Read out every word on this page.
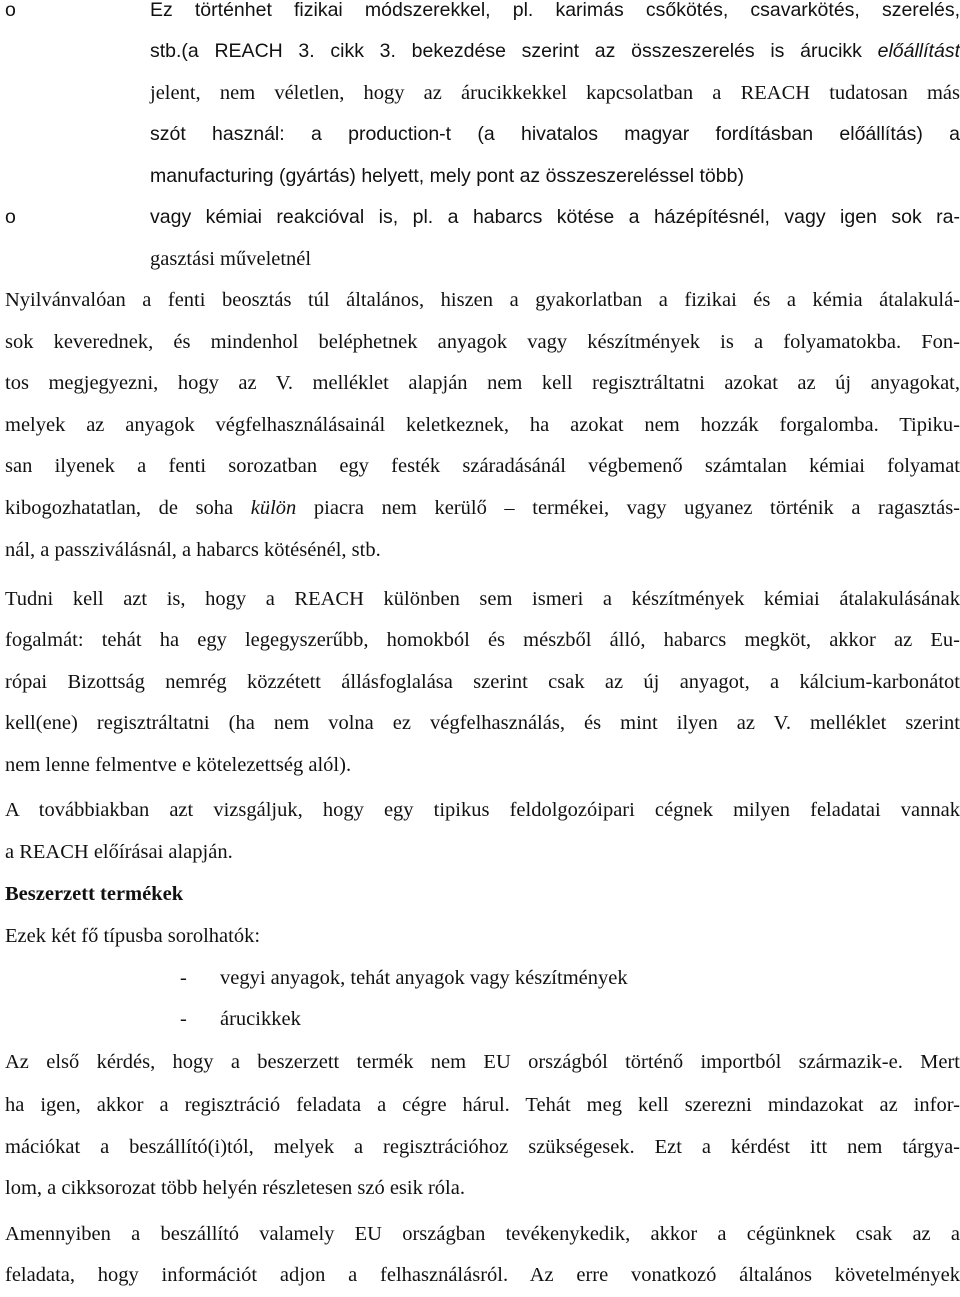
o	Ez történhet fizikai módszerekkel, pl. karimás csőkötés, csavarkötés, szerelés,
stb.(a REACH 3. cikk 3. bekezdése szerint az összeszerelés is árucikk előállítást
jelent, nem véletlen, hogy az árucikkekkel kapcsolatban a REACH tudatosan más
szót használ: a production-t (a hivatalos magyar fordításban előállítás) a
manufacturing (gyártás) helyett, mely pont az összeszereléssel több)
o	vagy kémiai reakcióval is, pl. a habarcs kötése a házépítésnél, vagy igen sok ra-
gasztási műveletnél
Nyilvánvalóan a fenti beosztás túl általános, hiszen a gyakorlatban a fizikai és a kémia átalakulá-
sok keverednek, és mindenhol beléphetnek anyagok vagy készítmények is a folyamatokba. Fon-
tos megjegyezni, hogy az V. melléklet alapján nem kell regisztráltatni azokat az új anyagokat,
melyek az anyagok végfelhasználásainál keletkeznek, ha azokat nem hozzák forgalomba. Tipiku-
san ilyenek a fenti sorozatban egy festék száradásánál végbemenő számtalan kémiai folyamat
kibogozhatatlan, de soha külön piacra nem kerülő – termékei, vagy ugyanez történik a ragasztás-
nál, a passziválásnál, a habarcs kötésénél, stb.
Tudni kell azt is, hogy a REACH különben sem ismeri a készítmények kémiai átalakulásának
fogalmát: tehát ha egy legegyszerűbb, homokból és mészből álló, habarcs megköt, akkor az Eu-
rópai Bizottság nemrég közzétett állásfoglalása szerint csak az új anyagot, a kálcium-karbonátot
kell(ene) regisztráltatni (ha nem volna ez végfelhasználás, és mint ilyen az V. melléklet szerint
nem lenne felmentve e kötelezettség alól).
A továbbiakban azt vizsgáljuk, hogy egy tipikus feldolgozóipari cégnek milyen feladatai vannak
a REACH előírásai alapján.
Beszerzett termékek
Ezek két fő típusba sorolhatók:
- vegyi anyagok, tehát anyagok vagy készítmények
- árucikkek
Az első kérdés, hogy a beszerzett termék nem EU országból történő importból származik-e. Mert
ha igen, akkor a regisztráció feladata a cégre hárul. Tehát meg kell szerezni mindazokat az infor-
mációkat a beszállító(i)tól, melyek a regisztrációhoz szükségesek. Ezt a kérdést itt nem tárgya-
lom, a cikksorozat több helyén részletesen szó esik róla.
Amennyiben a beszállító valamely EU országban tevékenykedik, akkor a cégünknek csak az a
feladata, hogy információt adjon a felhasználásról. Az erre vonatkozó általános követelmények
